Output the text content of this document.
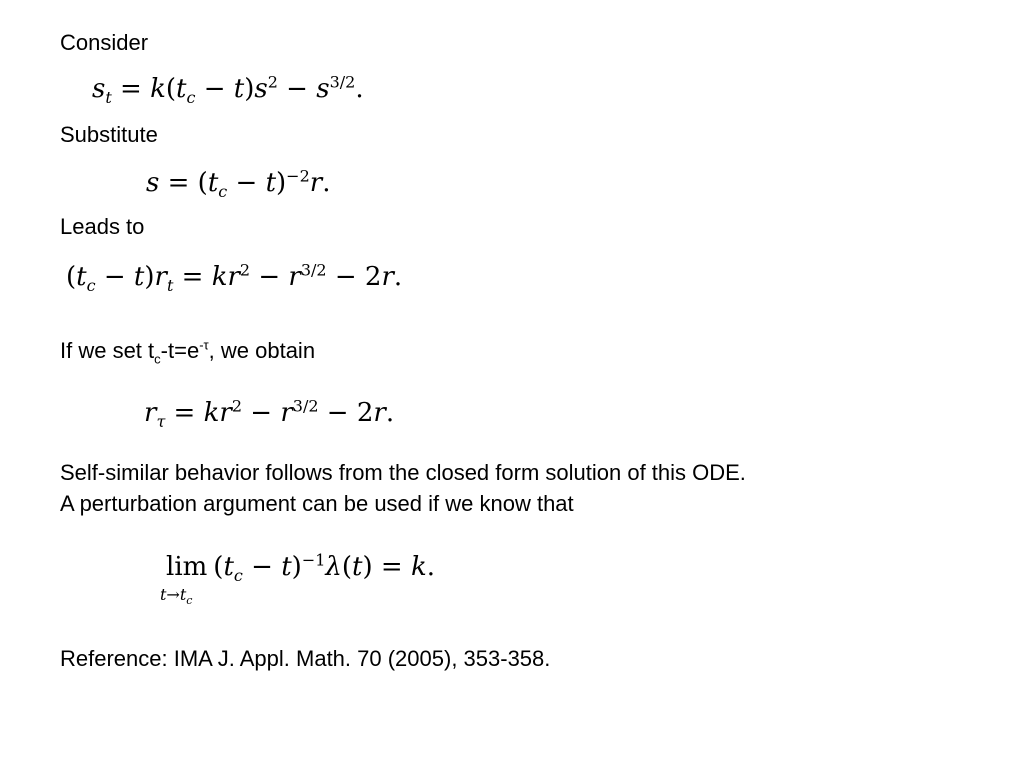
Consider
$s_t = k(t_c - t)s^2 - s^{3/2}$.
Substitute
$s = (t_c - t)^{-2}r$.
Leads to
$(t_c - t)r_t = kr^2 - r^{3/2} - 2r$.
If we set $t_c-t=e^{-\tau}$, we obtain
$r_\tau = kr^2 - r^{3/2} - 2r$.
Self-similar behavior follows from the closed form solution of this ODE.
A perturbation argument can be used if we know that
lim
$t\to t_c$
$(t_c - t)^{-1}\lambda(t) = k$.
Reference: IMA J. Appl. Math. 70 (2005), 353-358.
